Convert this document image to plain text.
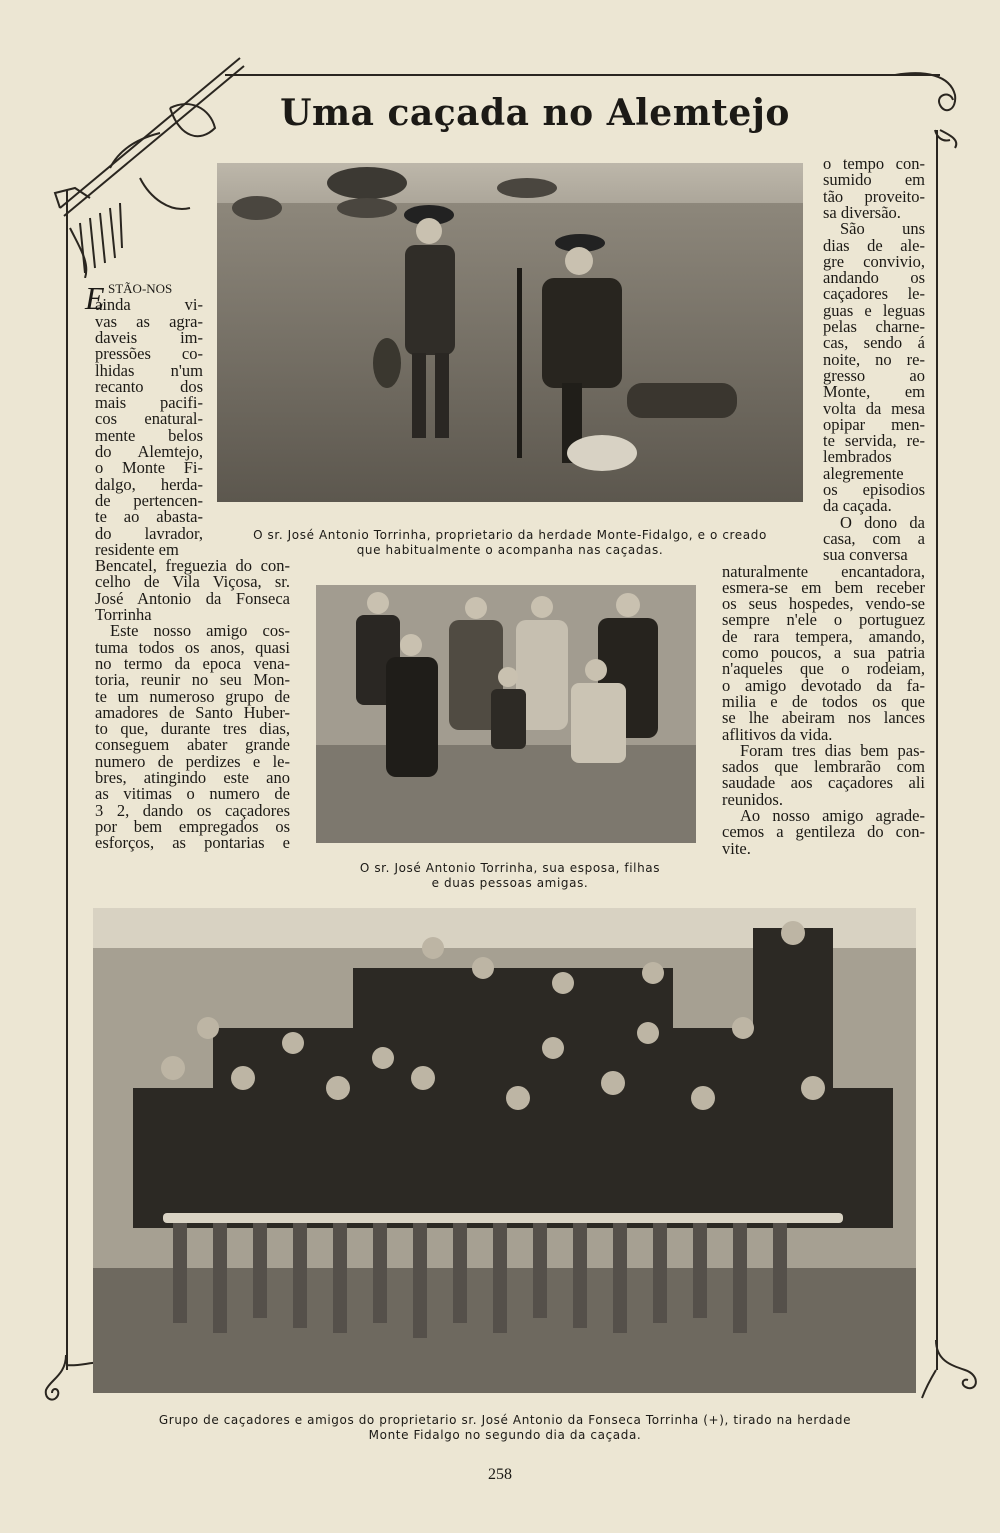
Uma caçada no Alemtejo
O sr. José Antonio Torrinha, proprietario da herdade Monte-Fidalgo, e o creado
que habitualmente o acompanha nas caçadas.
O sr. José Antonio Torrinha, sua esposa, filhas
e duas pessoas amigas.
Grupo de caçadores e amigos do proprietario sr. José Antonio da Fonseca Torrinha (+), tirado na herdade
Monte Fidalgo no segundo dia da caçada.
E STÃO-NOS
ainda vi-
vas as agra-
daveis im-
pressões co-
lhidas n'um
recanto dos
mais pacifi-
cos enatural-
mente belos
do Alemtejo,
o Monte Fi-
dalgo, herda-
de pertencen-
te ao abasta-
do lavrador,
residente em
Bencatel, freguezia do con-
celho de Vila Viçosa, sr.
José Antonio da Fonseca
Torrinha
Este nosso amigo cos-
tuma todos os anos, quasi
no termo da epoca vena-
toria, reunir no seu Mon-
te um numeroso grupo de
amadores de Santo Huber-
to que, durante tres dias,
conseguem abater grande
numero de perdizes e le-
bres, atingindo este ano
as vitimas o numero de
3 2, dando os caçadores
por bem empregados os
esforços, as pontarias e
o tempo con-
sumido em
tão proveito-
sa diversão.
São uns
dias de ale-
gre convivio,
andando os
caçadores le-
guas e leguas
pelas charne-
cas, sendo á
noite, no re-
gresso ao
Monte, em
volta da mesa
opipar men-
te servida, re-
lembrados
alegremente
os episodios
da caçada.
O dono da
casa, com a
sua conversa
naturalmente encantadora,
esmera-se em bem receber
os seus hospedes, vendo-se
sempre n'ele o portuguez
de rara tempera, amando,
como poucos, a sua patria
n'aqueles que o rodeiam,
o amigo devotado da fa-
milia e de todos os que
se lhe abeiram nos lances
aflitivos da vida.
Foram tres dias bem pas-
sados que lembrarão com
saudade aos caçadores ali
reunidos.
Ao nosso amigo agrade-
cemos a gentileza do con-
vite.
258
